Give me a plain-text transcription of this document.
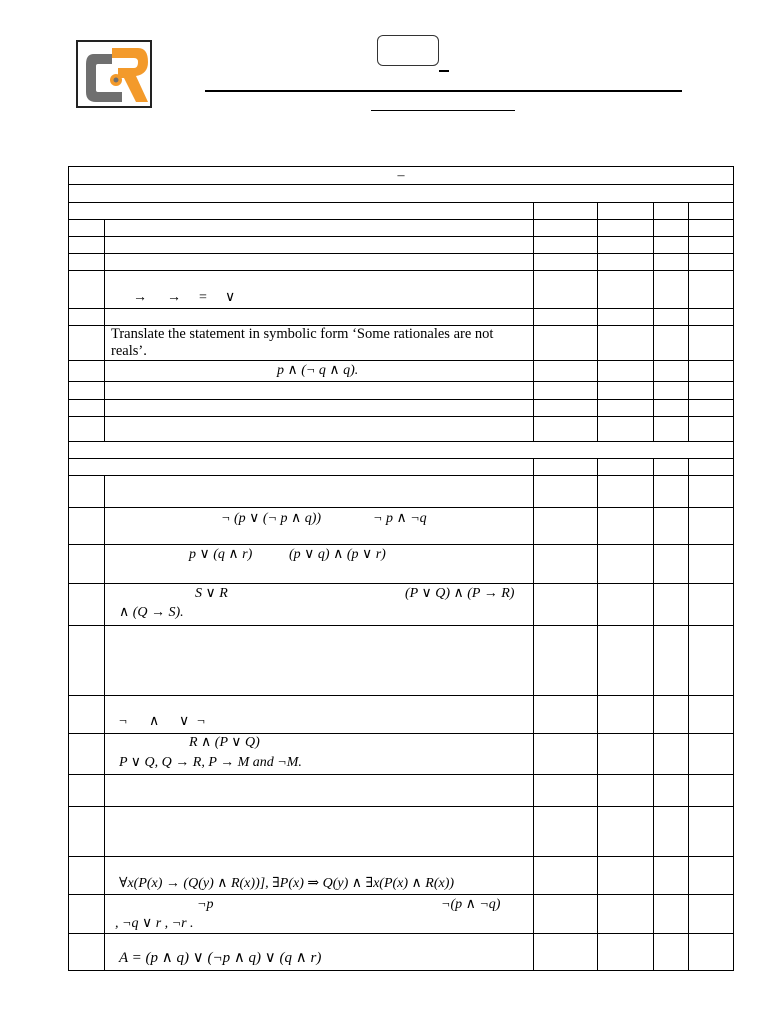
–					

	→ → = ∨				

	Translate the statement in symbolic form ‘Some rationales are not reals’.				

	p ∧ (¬ q ∧ q).				

	¬ (p ∨ (¬ p ∧ q)) ¬ p ∧ ¬q				

	p ∨ (q ∧ r) (p ∨ q) ∧ (p ∨ r)				

	S ∨ R (P ∨ Q) ∧ (P → R)
∧ (Q → S).				

	¬ ∧ ∨ ¬				

	R ∧ (P ∨ Q)
P ∨ Q, Q → R, P → M and ¬M.				

	∀x(P(x) → (Q(y) ∧ R(x))], ∃P(x) ⇒ Q(y) ∧ ∃x(P(x) ∧ R(x))				

	¬p ¬(p ∧ ¬q)
, ¬q ∨ r , ¬r .				

	A = (p ∧ q) ∨ (¬p ∧ q) ∨ (q ∧ r)				
